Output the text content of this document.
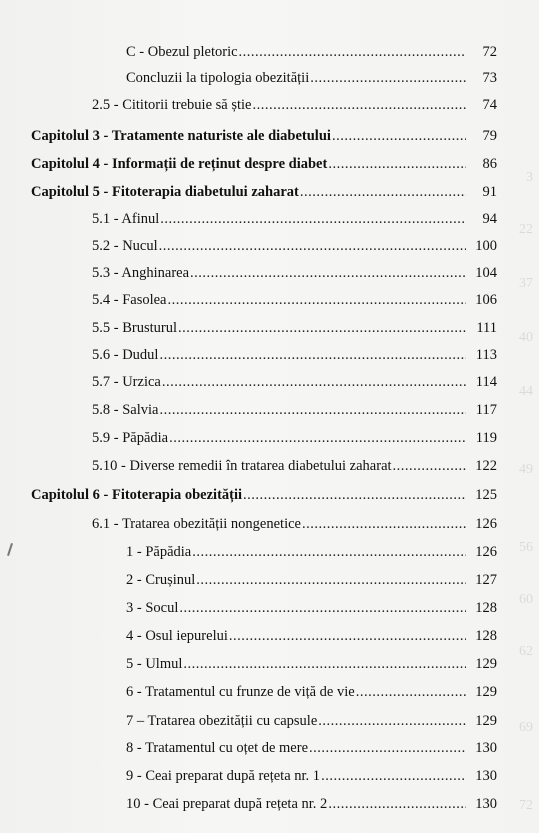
3
22
37
40
44
49
56
60
62
69
72
C - Obezul pletoric .....	72
Concluzii la tipologia obezității .....	73
2.5 - Cititorii trebuie să știe .....	74
Capitolul 3 - Tratamente naturiste ale diabetului .....	79
Capitolul 4 - Informații de reținut despre diabet .....	86
Capitolul 5 - Fitoterapia diabetului zaharat .....	91
5.1 - Afinul .....	94
5.2 - Nucul .....	100
5.3 - Anghinarea .....	104
5.4 - Fasolea .....	106
5.5 - Brusturul .....	111
5.6 - Dudul .....	113
5.7 - Urzica .....	114
5.8 - Salvia .....	117
5.9 - Păpădia .....	119
5.10 - Diverse remedii în tratarea diabetului zaharat .....	122
Capitolul 6 - Fitoterapia obezității .....	125
6.1 - Tratarea obezității nongenetice .....	126
1 - Păpădia .....	126
2 - Crușinul .....	127
3 - Socul .....	128
4 - Osul iepurelui .....	128
5 - Ulmul .....	129
6 - Tratamentul cu frunze de viță de vie .....	129
7 – Tratarea obezității cu capsule .....	129
8 - Tratamentul cu oțet de mere .....	130
9 - Ceai preparat după rețeta nr. 1 .....	130
10 - Ceai preparat după rețeta nr. 2 .....	130
